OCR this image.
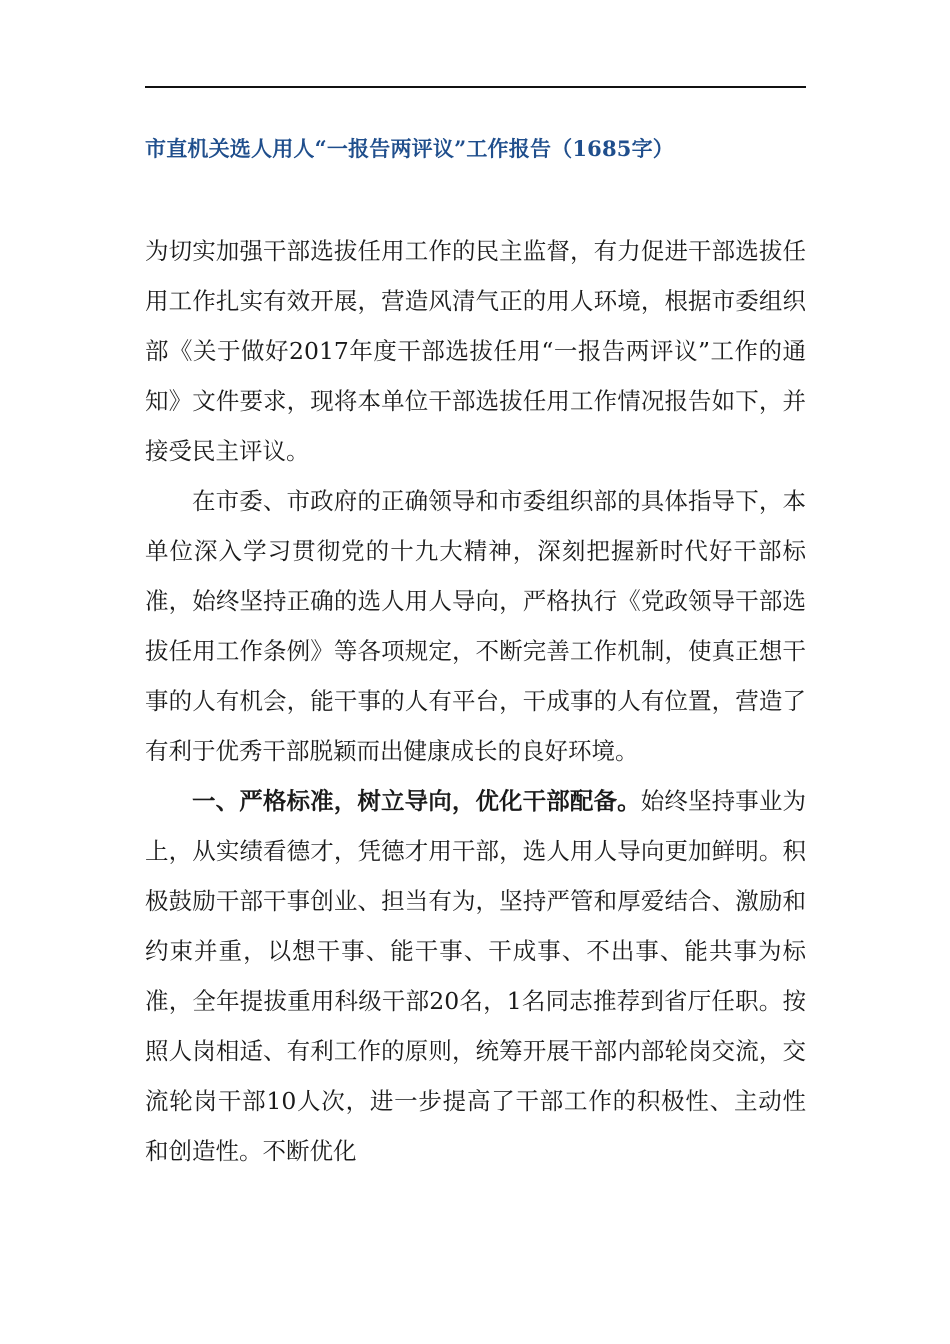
市直机关选人用人“一报告两评议”工作报告（1685字）

为切实加强干部选拔任用工作的民主监督，有力促进干部选拔任用工作扎实有效开展，营造风清气正的用人环境，根据市委组织部《关于做好2017年度干部选拔任用“一报告两评议”工作的通知》文件要求，现将本单位干部选拔任用工作情况报告如下，并接受民主评议。

在市委、市政府的正确领导和市委组织部的具体指导下，本单位深入学习贯彻党的十九大精神，深刻把握新时代好干部标准，始终坚持正确的选人用人导向，严格执行《党政领导干部选拔任用工作条例》等各项规定，不断完善工作机制，使真正想干事的人有机会，能干事的人有平台，干成事的人有位置，营造了有利于优秀干部脱颖而出健康成长的良好环境。

一、严格标准，树立导向，优化干部配备。始终坚持事业为上，从实绩看德才，凭德才用干部，选人用人导向更加鲜明。积极鼓励干部干事创业、担当有为，坚持严管和厚爱结合、激励和约束并重，以想干事、能干事、干成事、不出事、能共事为标准，全年提拔重用科级干部20名，1名同志推荐到省厅任职。按照人岗相适、有利工作的原则，统筹开展干部内部轮岗交流，交流轮岗干部10人次，进一步提高了干部工作的积极性、主动性和创造性。不断优化
